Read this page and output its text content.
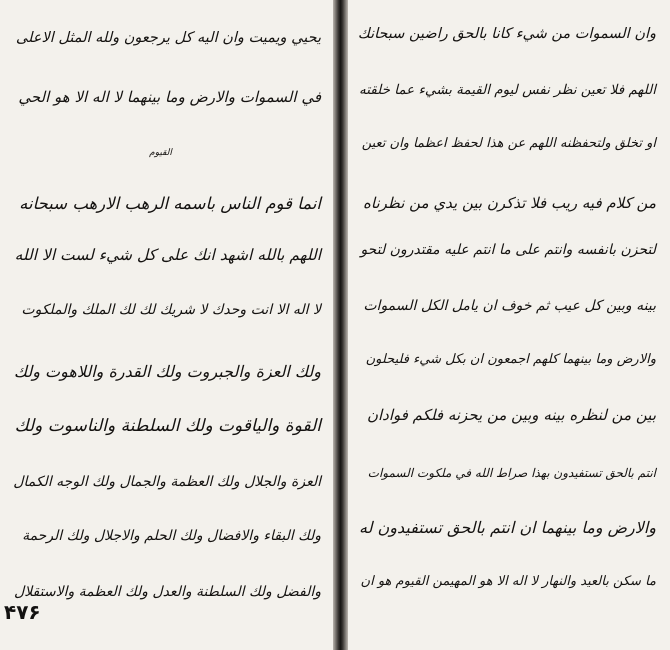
يحيي ويميت وان اليه كل يرجعون ولله المثل الاعلى

في السموات والارض وما بينهما لا اله الا هو الحي

القيوم

انما قوم الناس باسمه الرهب الارهب سبحانه

اللهم بالله اشهد انك على كل شيء لست الا الله

لا اله الا انت وحدك لا شريك لك لك الملك والملكوت

ولك العزة والجبروت ولك القدرة واللاهوت ولك

القوة والياقوت ولك السلطنة والناسوت ولك

العزة والجلال ولك العظمة والجمال ولك الوجه الكمال

ولك البقاء والافضال ولك الحلم والاجلال ولك الرحمة

والفضل ولك السلطنة والعدل ولك العظمة والاستقلال

وان السموات من شيء كانا بالحق راضين سبحانك

اللهم فلا تعين نظر نفس ليوم القيمة بشيء عما خلقته

او تخلق ولتحفظنه اللهم عن هذا لحفظ اعظما وان تعين

من كلام فيه ريب فلا تذكرن بين يدي من نظرناه

لتحزن بانفسه وانتم على ما انتم عليه مقتدرون لتحو

بينه وبين كل عيب ثم خوف ان يامل الكل السموات

والارض وما بينهما كلهم اجمعون ان بكل شيء فليحلون

بين من لنظره بينه وبين من يحزنه فلكم فوادان

انتم بالحق تستفيدون بهذا صراط الله في ملكوت السموات

والارض وما بينهما ان انتم بالحق تستفيدون له

ما سكن بالعيد والنهار لا اله الا هو المهيمن القيوم هو ان

۴۷۶
